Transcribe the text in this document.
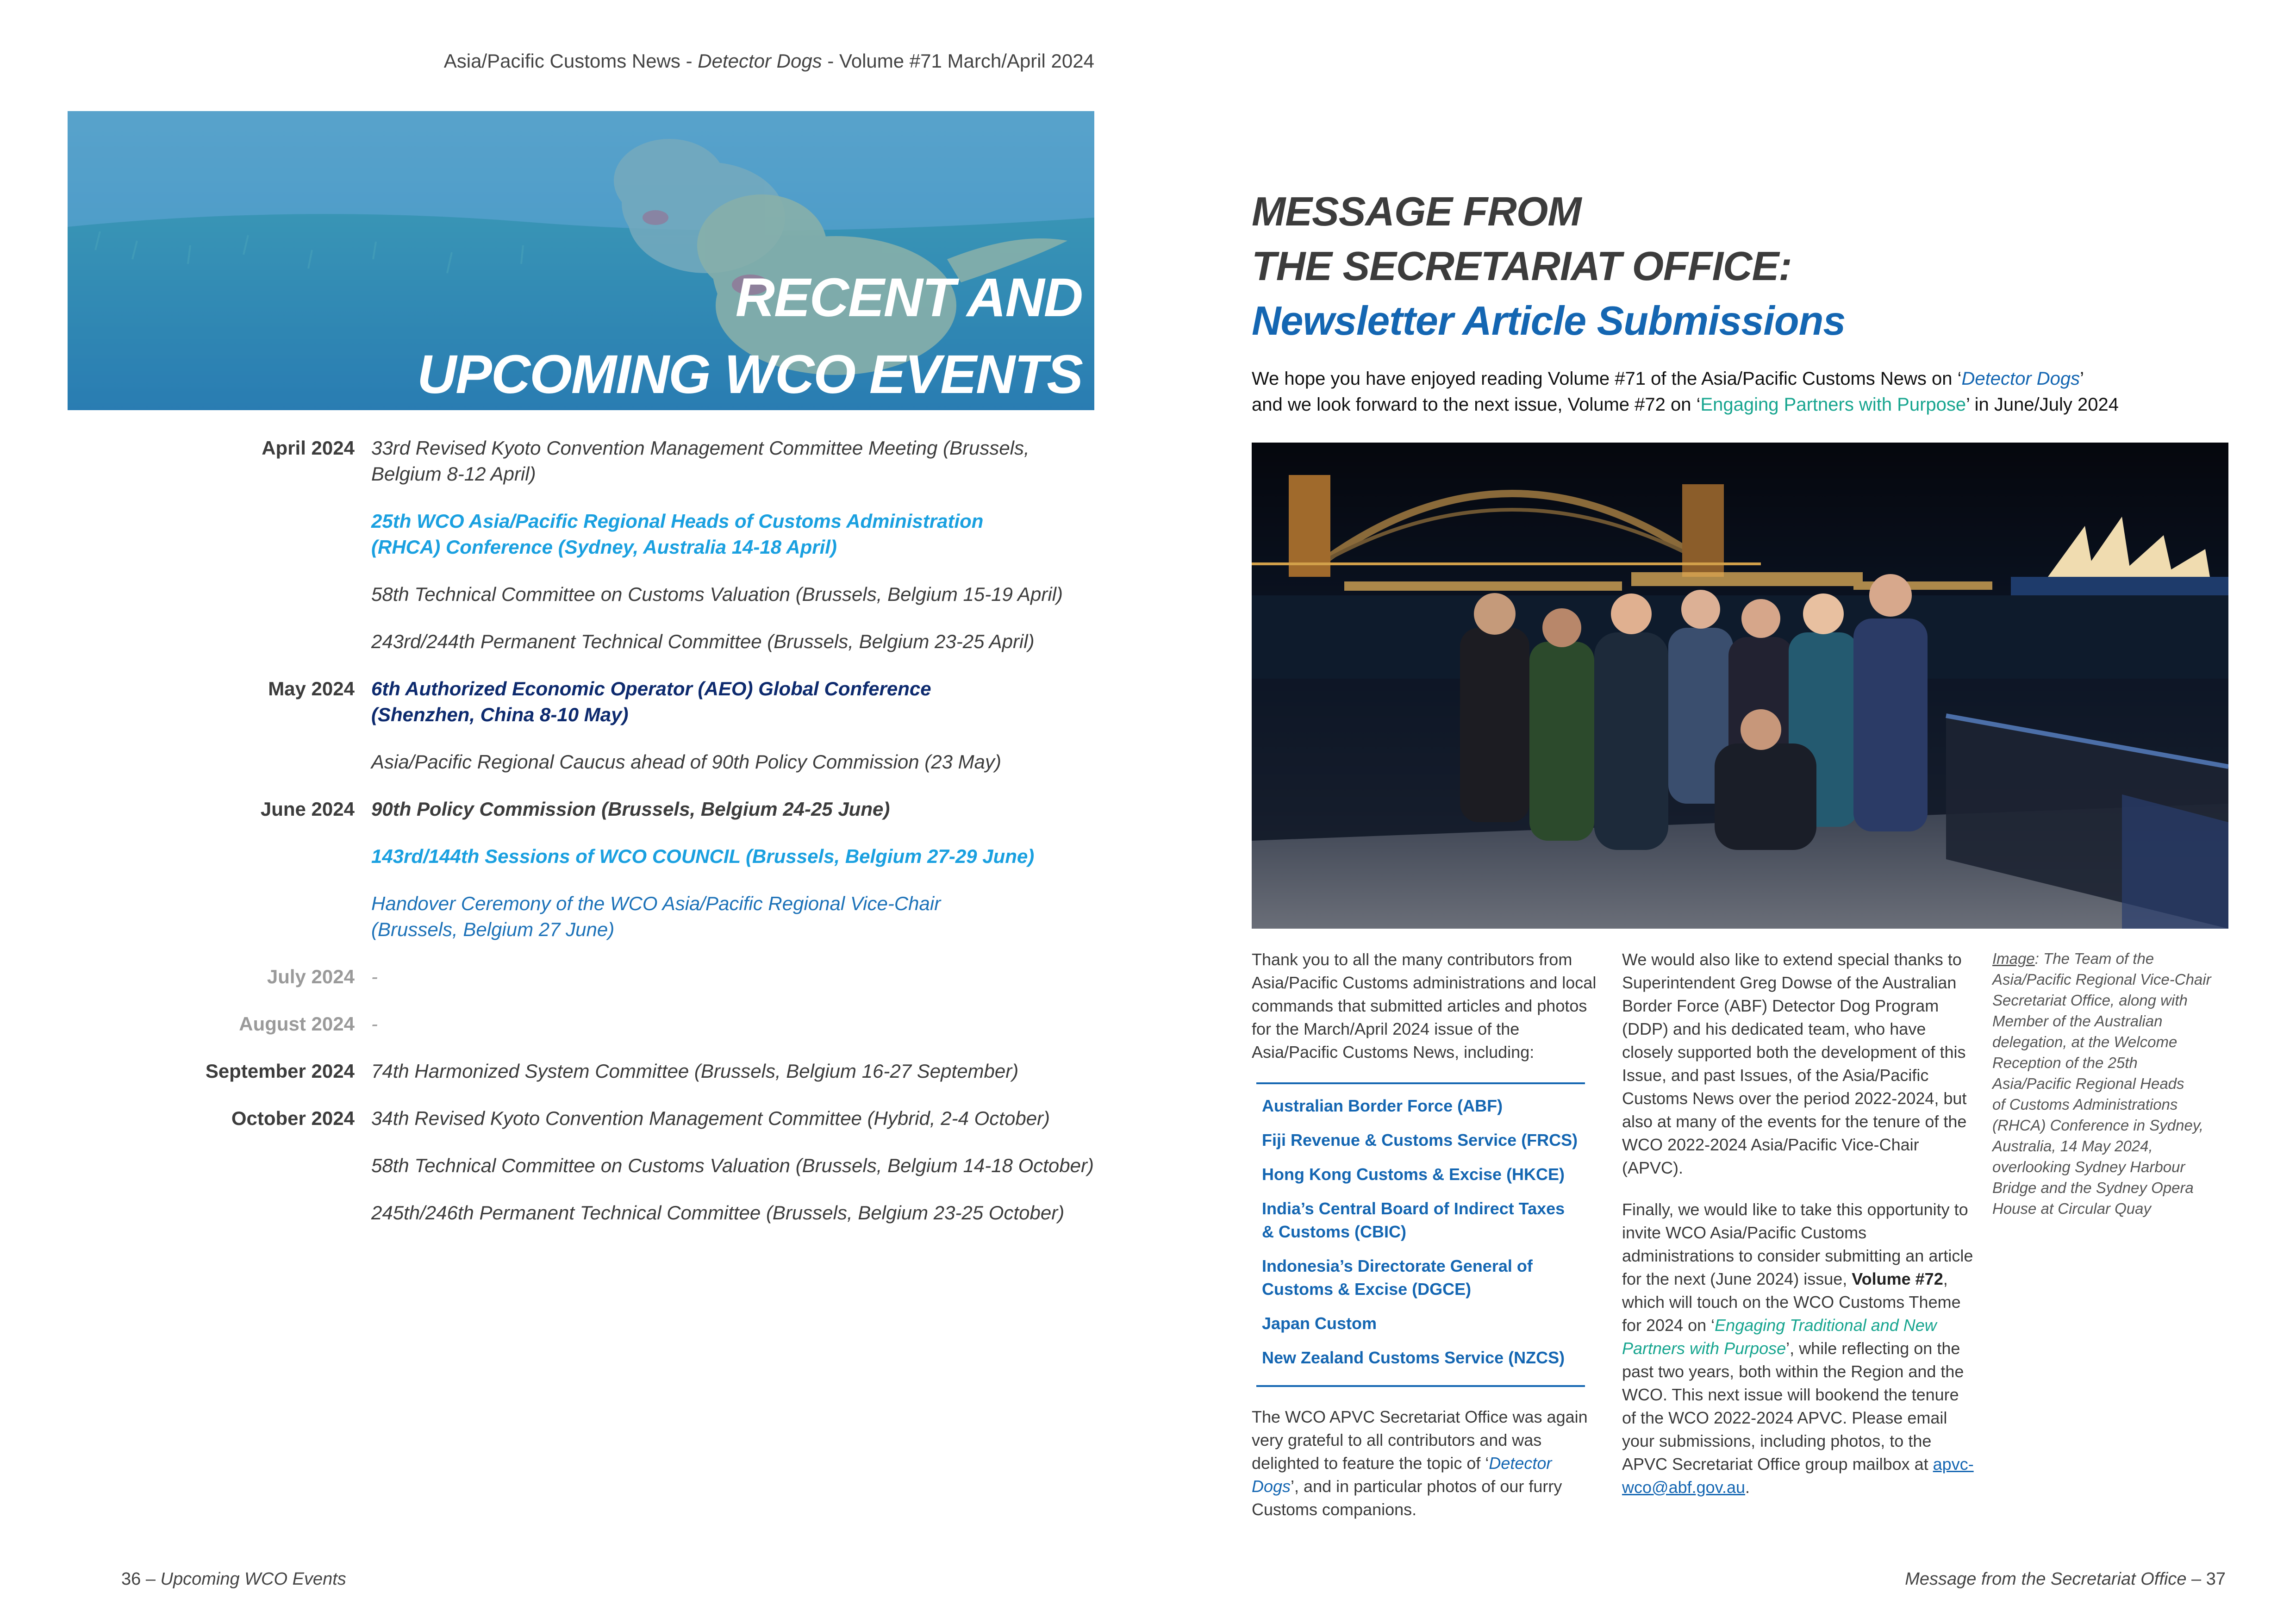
Asia/Pacific Customs News - Detector Dogs - Volume #71 March/April 2024
RECENT AND
UPCOMING WCO EVENTS
April 2024 33rd Revised Kyoto Convention Management Committee Meeting (Brussels,
Belgium 8-12 April)
25th WCO Asia/Pacific Regional Heads of Customs Administration
(RHCA) Conference (Sydney, Australia 14-18 April)
58th Technical Committee on Customs Valuation (Brussels, Belgium 15-19 April)
243rd/244th Permanent Technical Committee (Brussels, Belgium 23-25 April)
May 2024 6th Authorized Economic Operator (AEO) Global Conference
(Shenzhen, China 8-10 May)
Asia/Pacific Regional Caucus ahead of 90th Policy Commission (23 May)
June 2024 90th Policy Commission (Brussels, Belgium 24-25 June)
143rd/144th Sessions of WCO COUNCIL (Brussels, Belgium 27-29 June)
Handover Ceremony of the WCO Asia/Pacific Regional Vice-Chair
(Brussels, Belgium 27 June)
July 2024 -
August 2024 -
September 2024 74th Harmonized System Committee (Brussels, Belgium 16-27 September)
October 2024 34th Revised Kyoto Convention Management Committee (Hybrid, 2-4 October)
58th Technical Committee on Customs Valuation (Brussels, Belgium 14-18 October)
245th/246th Permanent Technical Committee (Brussels, Belgium 23-25 October)
MESSAGE FROM
THE SECRETARIAT OFFICE:
Newsletter Article Submissions
We hope you have enjoyed reading Volume #71 of the Asia/Pacific Customs News on ‘Detector Dogs’
and we look forward to the next issue, Volume #72 on ‘Engaging Partners with Purpose’ in June/July 2024

Thank you to all the many contributors from Asia/Pacific Customs administrations and local commands that submitted articles and photos for the March/April 2024 issue of the Asia/Pacific Customs News, including:

Australian Border Force (ABF)
Fiji Revenue & Customs Service (FRCS)
Hong Kong Customs & Excise (HKCE)
India’s Central Board of Indirect Taxes
& Customs (CBIC)
Indonesia’s Directorate General of
Customs & Excise (DGCE)
Japan Custom
New Zealand Customs Service (NZCS)

The WCO APVC Secretariat Office was again very grateful to all contributors and was delighted to feature the topic of ‘Detector Dogs’, and in particular photos of our furry Customs companions.

We would also like to extend special thanks to Superintendent Greg Dowse of the Australian Border Force (ABF) Detector Dog Program (DDP) and his dedicated team, who have closely supported both the development of this Issue, and past Issues, of the Asia/Pacific Customs News over the period 2022-2024, but also at many of the events for the tenure of the WCO 2022-2024 Asia/Pacific Vice-Chair (APVC).

Finally, we would like to take this opportunity to invite WCO Asia/Pacific Customs administrations to consider submitting an article for the next (June 2024) issue, Volume #72, which will touch on the WCO Customs Theme for 2024 on ‘Engaging Traditional and New Partners with Purpose’, while reflecting on the past two years, both within the Region and the WCO. This next issue will bookend the tenure of the WCO 2022-2024 APVC. Please email your submissions, including photos, to the APVC Secretariat Office group mailbox at apvc-wco@abf.gov.au.

Image: The Team of the
Asia/Pacific Regional Vice-Chair
Secretariat Office, along with
Member of the Australian
delegation, at the Welcome
Reception of the 25th
Asia/Pacific Regional Heads
of Customs Administrations
(RHCA) Conference in Sydney,
Australia, 14 May 2024,
overlooking Sydney Harbour
Bridge and the Sydney Opera
House at Circular Quay
36 – Upcoming WCO Events	Message from the Secretariat Office – 37
